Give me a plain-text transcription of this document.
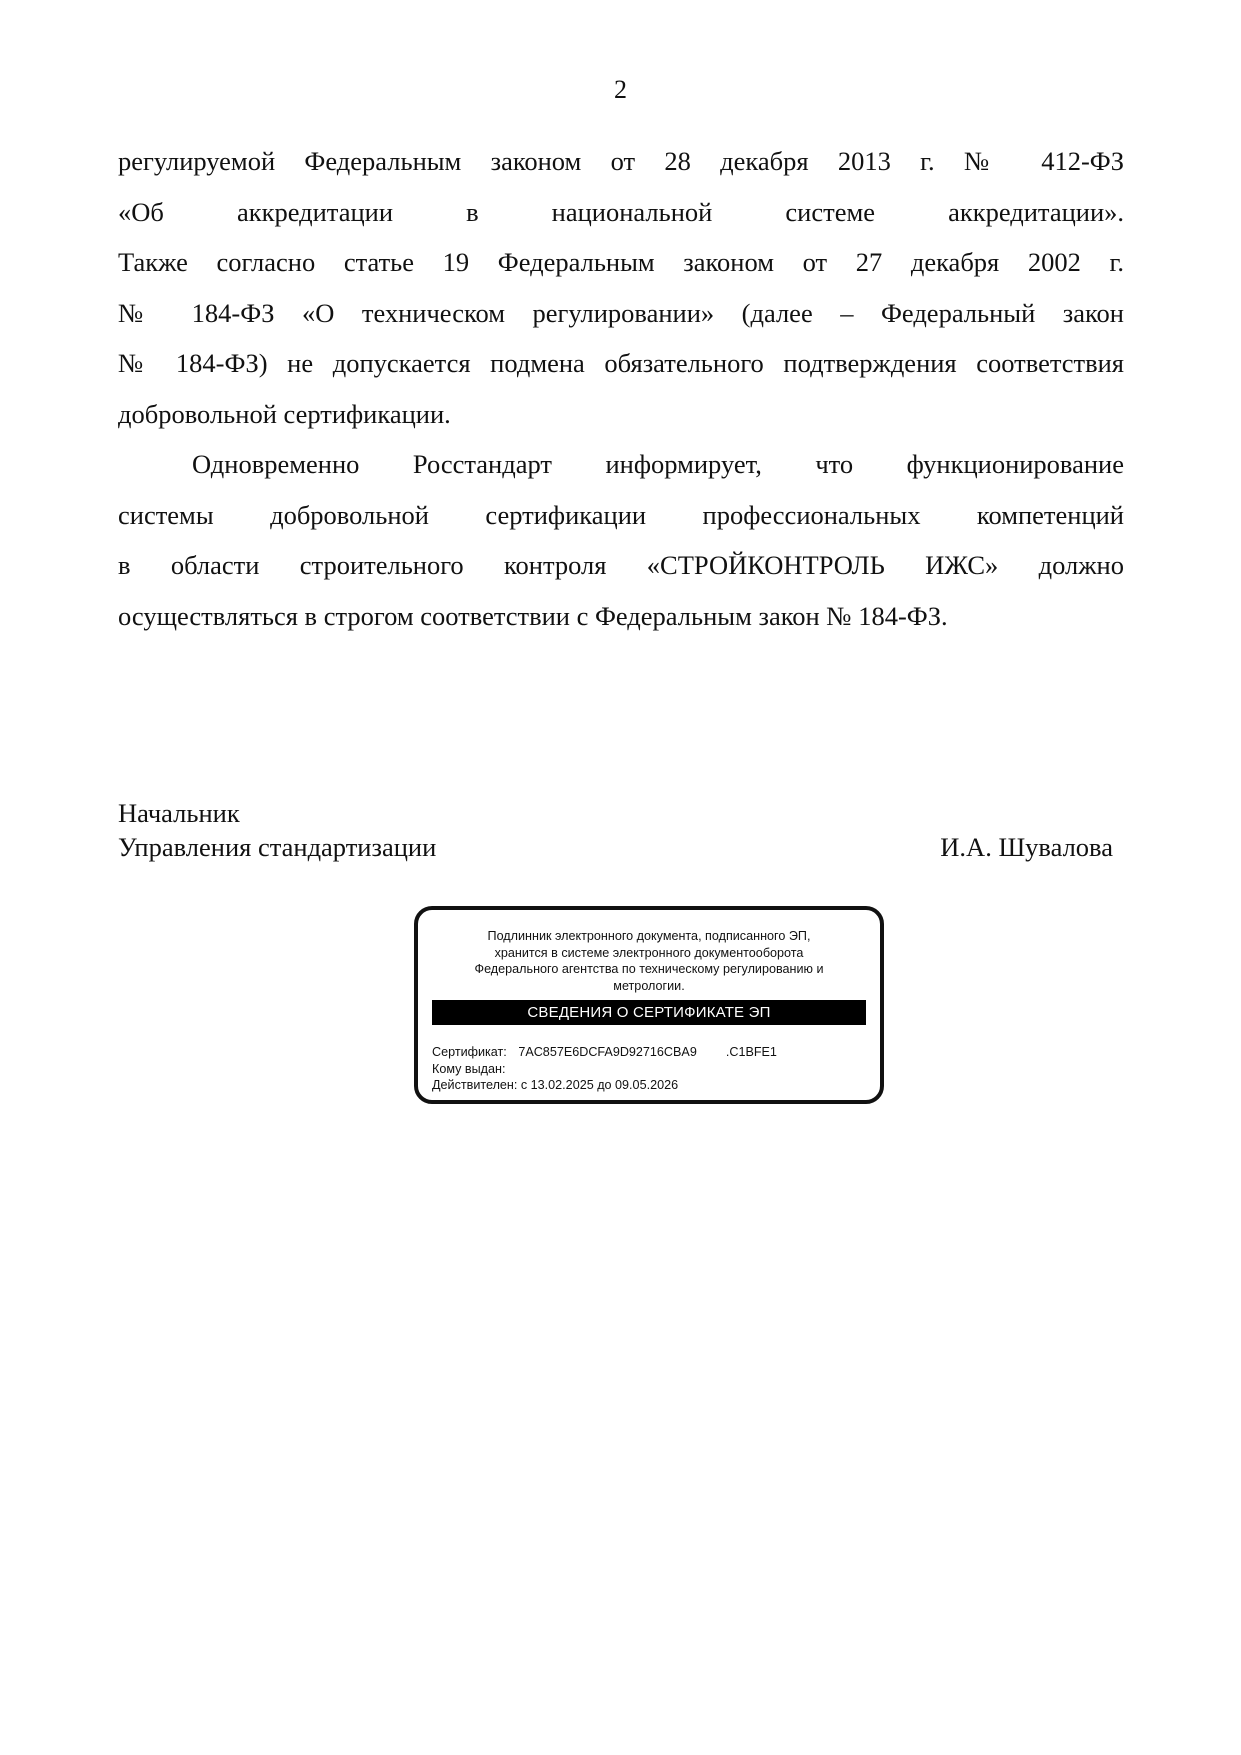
2

регулируемой Федеральным законом от 28 декабря 2013 г. № 412-ФЗ
«Об аккредитации в национальной системе аккредитации».
Также согласно статье 19 Федеральным законом от 27 декабря 2002 г.
№ 184-ФЗ «О техническом регулировании» (далее – Федеральный закон
№ 184-ФЗ) не допускается подмена обязательного подтверждения соответствия
добровольной сертификации.

Одновременно Росстандарт информирует, что функционирование
системы добровольной сертификации профессиональных компетенций
в области строительного контроля «СТРОЙКОНТРОЛЬ ИЖС» должно
осуществляться в строгом соответствии с Федеральным закон № 184-ФЗ.

Начальник
Управления стандартизации	И.А. Шувалова
Подлинник электронного документа, подписанного ЭП,
хранится в системе электронного документооборота
Федерального агентства по техническому регулированию и
метрологии.
СВЕДЕНИЯ О СЕРТИФИКАТЕ ЭП
Сертификат: 7AC857E6DCFA9D92716CBA9 .C1BFE1
Кому выдан:
Действителен: с 13.02.2025 до 09.05.2026
